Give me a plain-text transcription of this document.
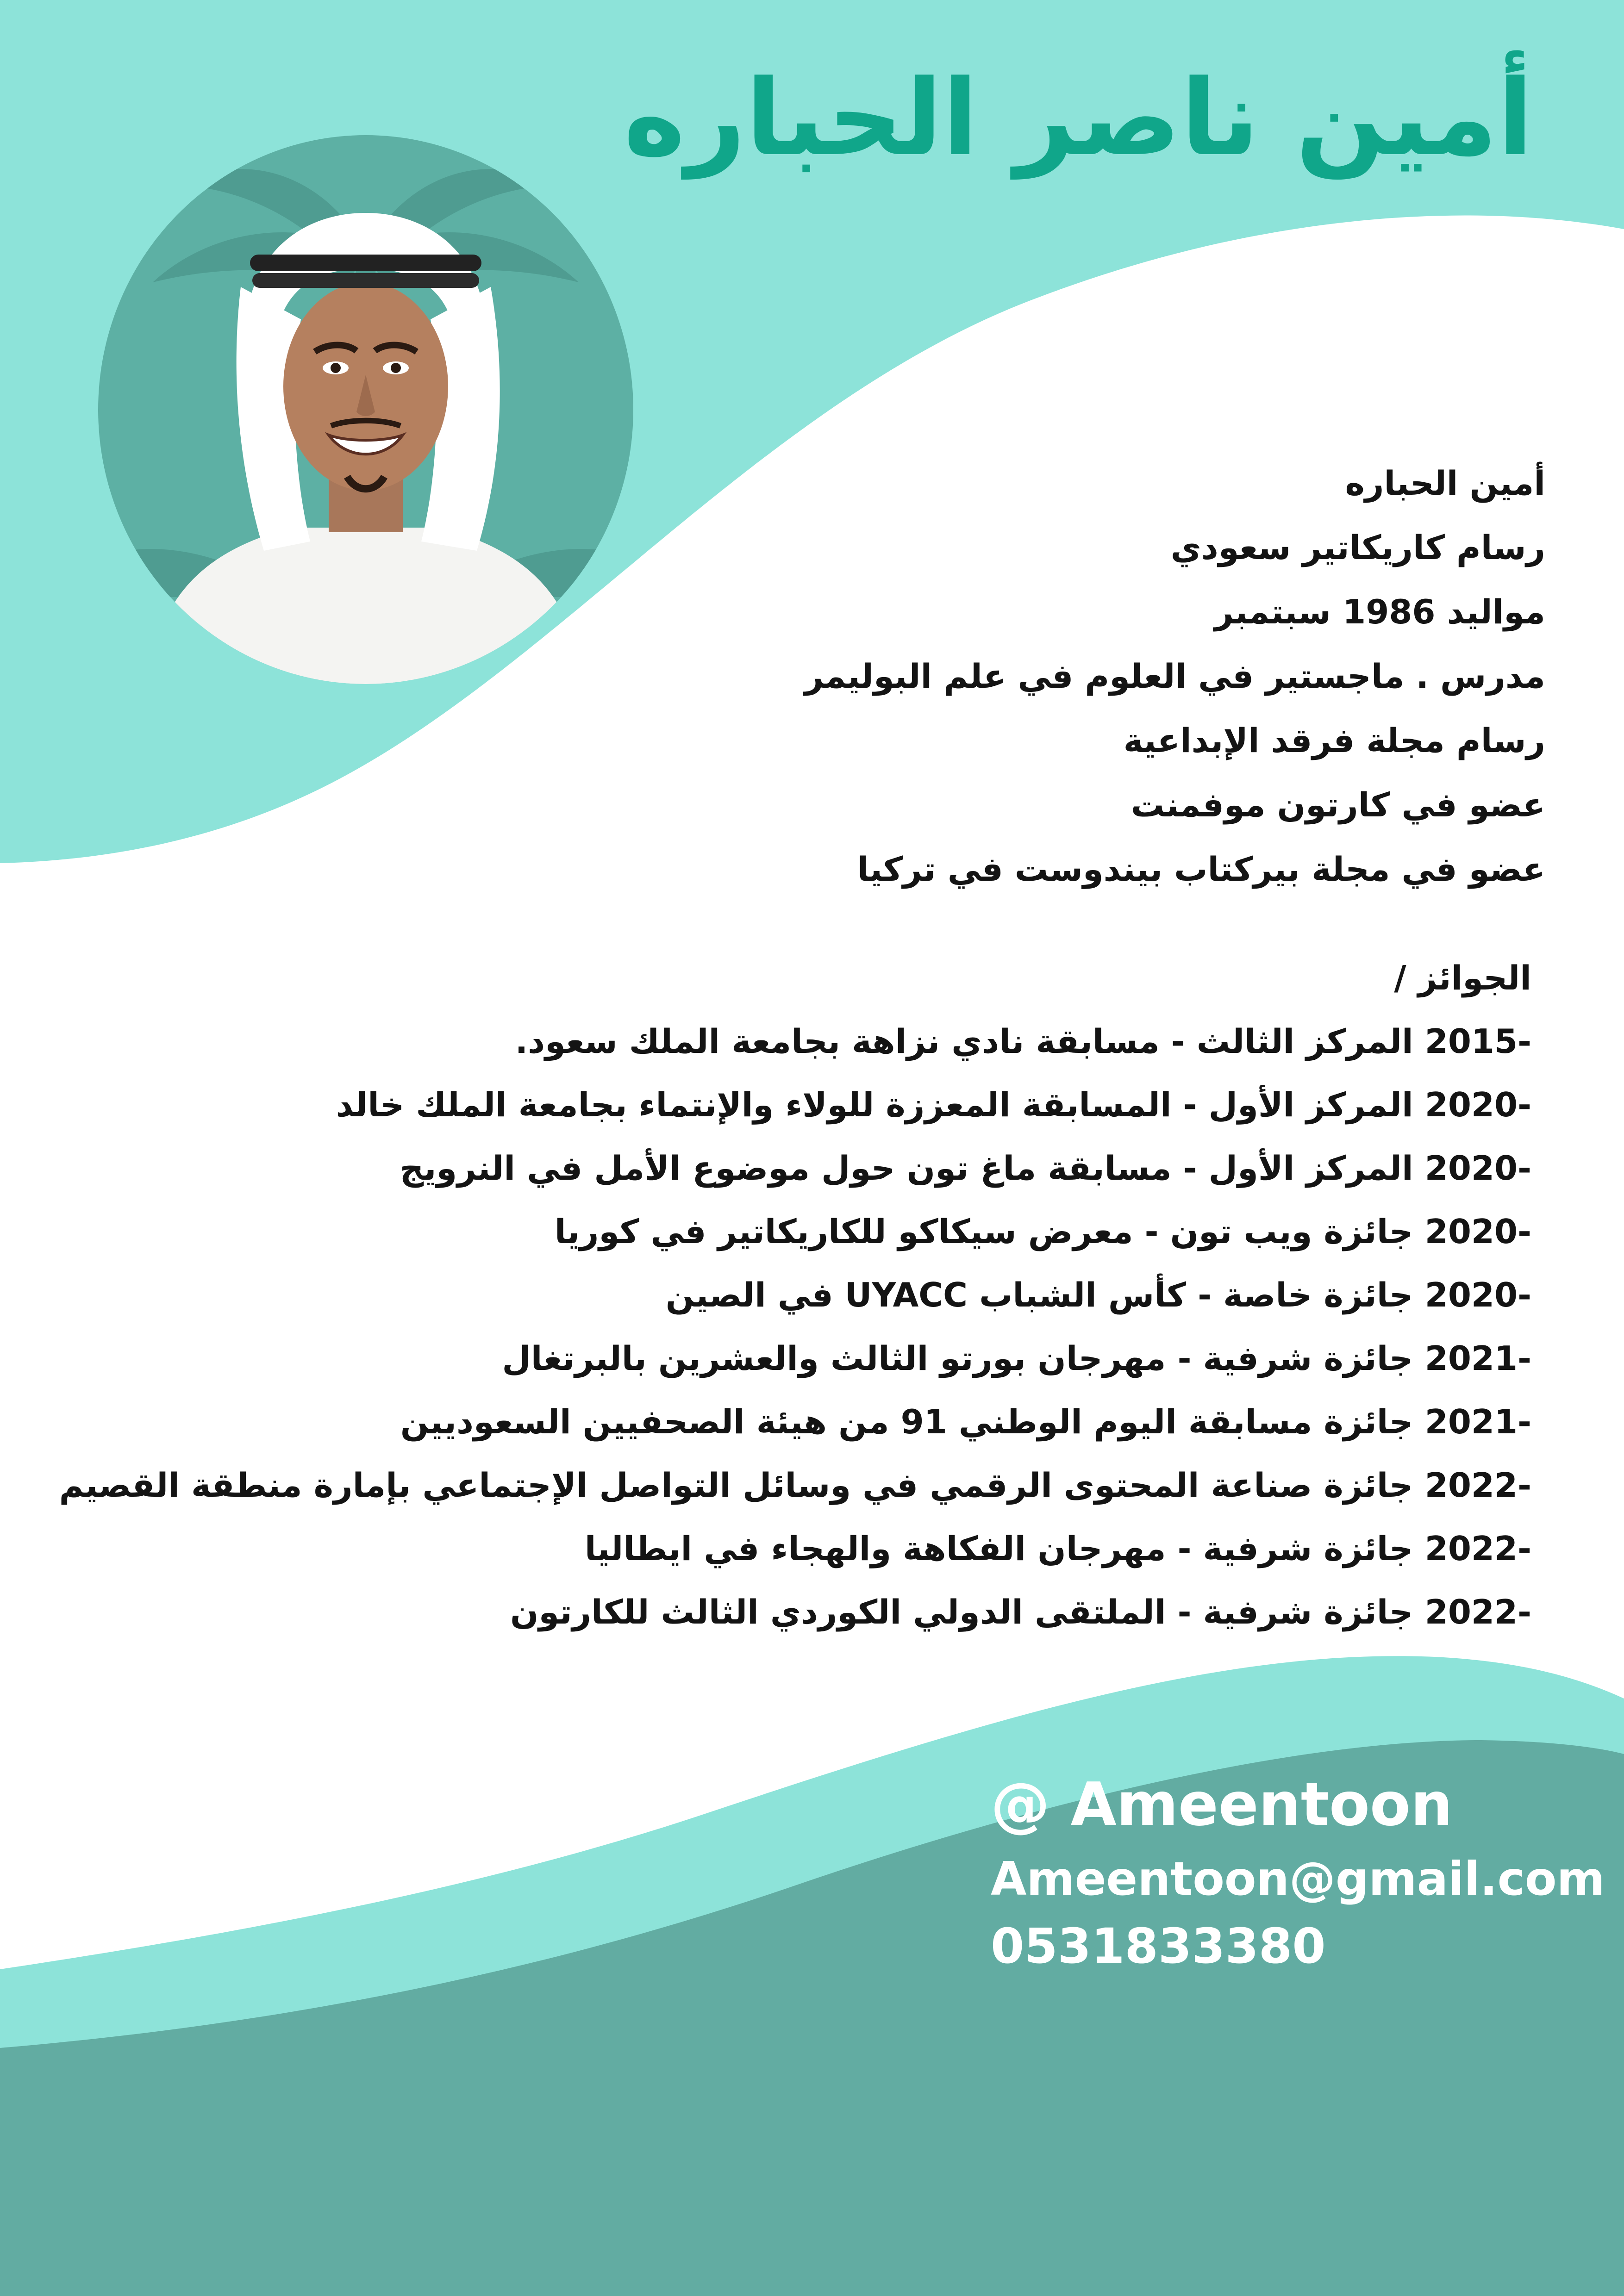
أمين ناصر الحباره
أمين الحباره
رسام كاريكاتير سعودي
مواليد 1986 سبتمبر
مدرس . ماجستير في العلوم في علم البوليمر
رسام مجلة فرقد الإبداعية
عضو في كارتون موفمنت
عضو في مجلة بيركتاب بيندوست في تركيا
الجوائز /
-2015 المركز الثالث - مسابقة نادي نزاهة بجامعة الملك سعود.
-2020 المركز الأول - المسابقة المعززة للولاء والإنتماء بجامعة الملك خالد
-2020 المركز الأول - مسابقة ماغ تون حول موضوع الأمل في النرويج
-2020 جائزة ويب تون - معرض سيكاكو للكاريكاتير في كوريا
-2020 جائزة خاصة - كأس الشباب UYACC في الصين
-2021 جائزة شرفية - مهرجان بورتو الثالث والعشرين بالبرتغال
-2021 جائزة مسابقة اليوم الوطني 91 من هيئة الصحفيين السعوديين
-2022 جائزة صناعة المحتوى الرقمي في وسائل التواصل الإجتماعي بإمارة منطقة القصيم
-2022 جائزة شرفية - مهرجان الفكاهة والهجاء في ايطاليا
-2022 جائزة شرفية - الملتقى الدولي الكوردي الثالث للكارتون
@ Ameentoon
Ameentoon@gmail.com
0531833380
